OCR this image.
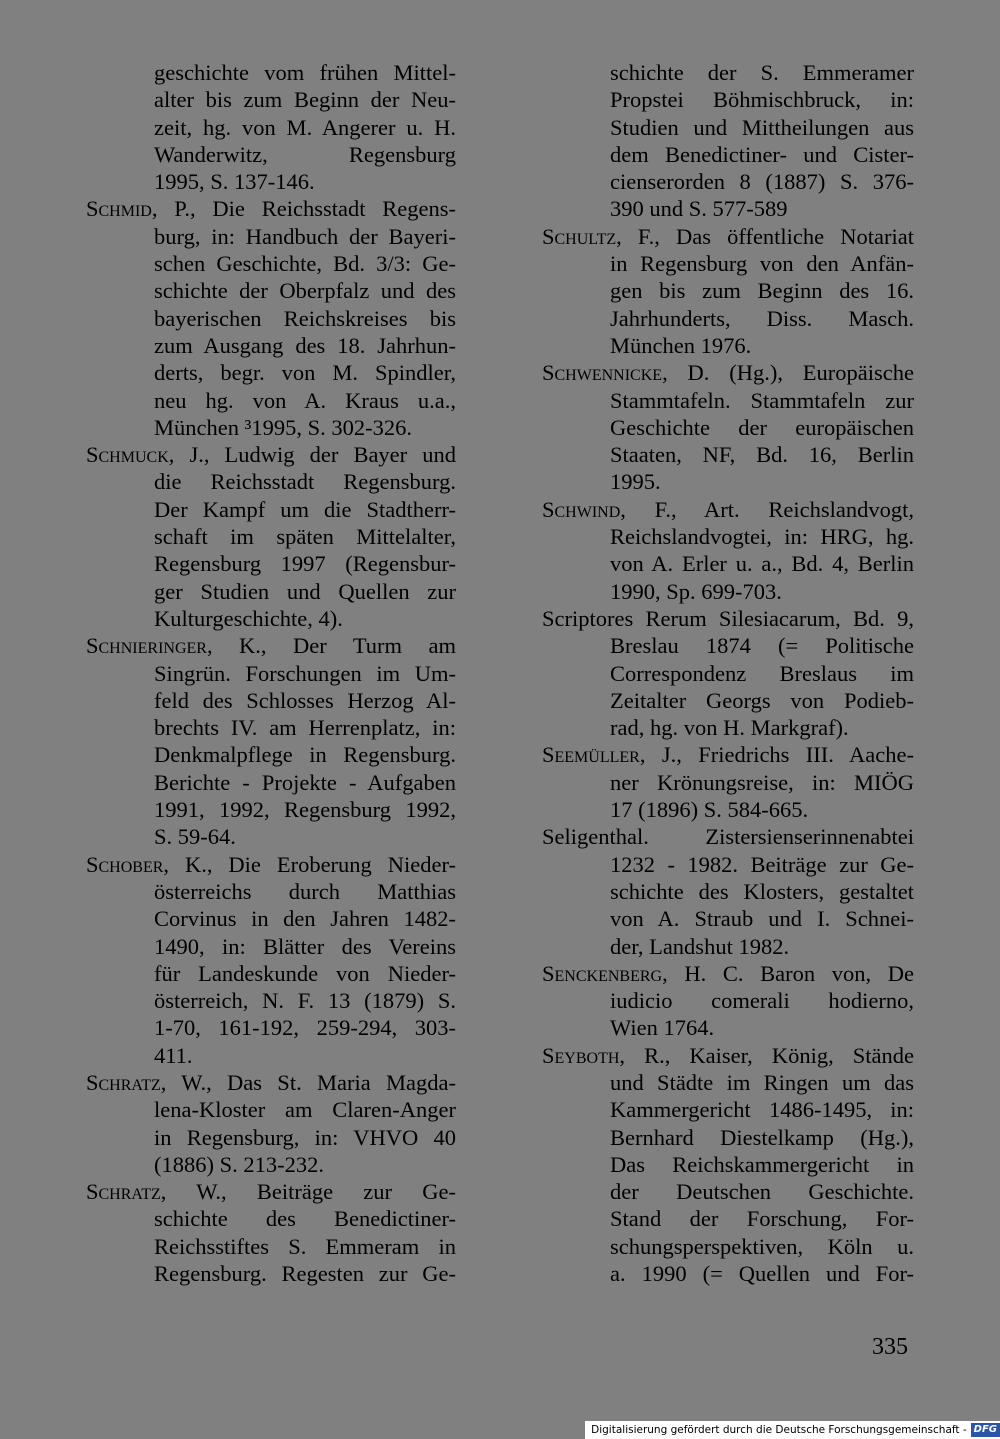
geschichte vom frühen Mittel-
alter bis zum Beginn der Neu-
zeit, hg. von M. Angerer u. H.
Wanderwitz, Regensburg
1995, S. 137-146.
Schmid, P., Die Reichsstadt Regens-
burg, in: Handbuch der Bayeri-
schen Geschichte, Bd. 3/3: Ge-
schichte der Oberpfalz und des
bayerischen Reichskreises bis
zum Ausgang des 18. Jahrhun-
derts, begr. von M. Spindler,
neu hg. von A. Kraus u.a.,
München ³1995, S. 302-326.
Schmuck, J., Ludwig der Bayer und
die Reichsstadt Regensburg.
Der Kampf um die Stadtherr-
schaft im späten Mittelalter,
Regensburg 1997 (Regensbur-
ger Studien und Quellen zur
Kulturgeschichte, 4).
Schnieringer, K., Der Turm am
Singrün. Forschungen im Um-
feld des Schlosses Herzog Al-
brechts IV. am Herrenplatz, in:
Denkmalpflege in Regensburg.
Berichte - Projekte - Aufgaben
1991, 1992, Regensburg 1992,
S. 59-64.
Schober, K., Die Eroberung Nieder-
österreichs durch Matthias
Corvinus in den Jahren 1482-
1490, in: Blätter des Vereins
für Landeskunde von Nieder-
österreich, N. F. 13 (1879) S.
1-70, 161-192, 259-294, 303-
411.
Schratz, W., Das St. Maria Magda-
lena-Kloster am Claren-Anger
in Regensburg, in: VHVO 40
(1886) S. 213-232.
Schratz, W., Beiträge zur Ge-
schichte des Benedictiner-
Reichsstiftes S. Emmeram in
Regensburg. Regesten zur Ge-
schichte der S. Emmeramer
Propstei Böhmischbruck, in:
Studien und Mittheilungen aus
dem Benedictiner- und Cister-
cienserorden 8 (1887) S. 376-
390 und S. 577-589
Schultz, F., Das öffentliche Notariat
in Regensburg von den Anfän-
gen bis zum Beginn des 16.
Jahrhunderts, Diss. Masch.
München 1976.
Schwennicke, D. (Hg.), Europäische
Stammtafeln. Stammtafeln zur
Geschichte der europäischen
Staaten, NF, Bd. 16, Berlin
1995.
Schwind, F., Art. Reichslandvogt,
Reichslandvogtei, in: HRG, hg.
von A. Erler u. a., Bd. 4, Berlin
1990, Sp. 699-703.
Scriptores Rerum Silesiacarum, Bd. 9,
Breslau 1874 (= Politische
Correspondenz Breslaus im
Zeitalter Georgs von Podieb-
rad, hg. von H. Markgraf).
Seemüller, J., Friedrichs III. Aache-
ner Krönungsreise, in: MIÖG
17 (1896) S. 584-665.
Seligenthal. Zistersienserinnenabtei
1232 - 1982. Beiträge zur Ge-
schichte des Klosters, gestaltet
von A. Straub und I. Schnei-
der, Landshut 1982.
Senckenberg, H. C. Baron von, De
iudicio comerali hodierno,
Wien 1764.
Seyboth, R., Kaiser, König, Stände
und Städte im Ringen um das
Kammergericht 1486-1495, in:
Bernhard Diestelkamp (Hg.),
Das Reichskammergericht in
der Deutschen Geschichte.
Stand der Forschung, For-
schungsperspektiven, Köln u.
a. 1990 (= Quellen und For-
335
Digitalisierung gefördert durch die Deutsche Forschungsgemeinschaft - DFG
